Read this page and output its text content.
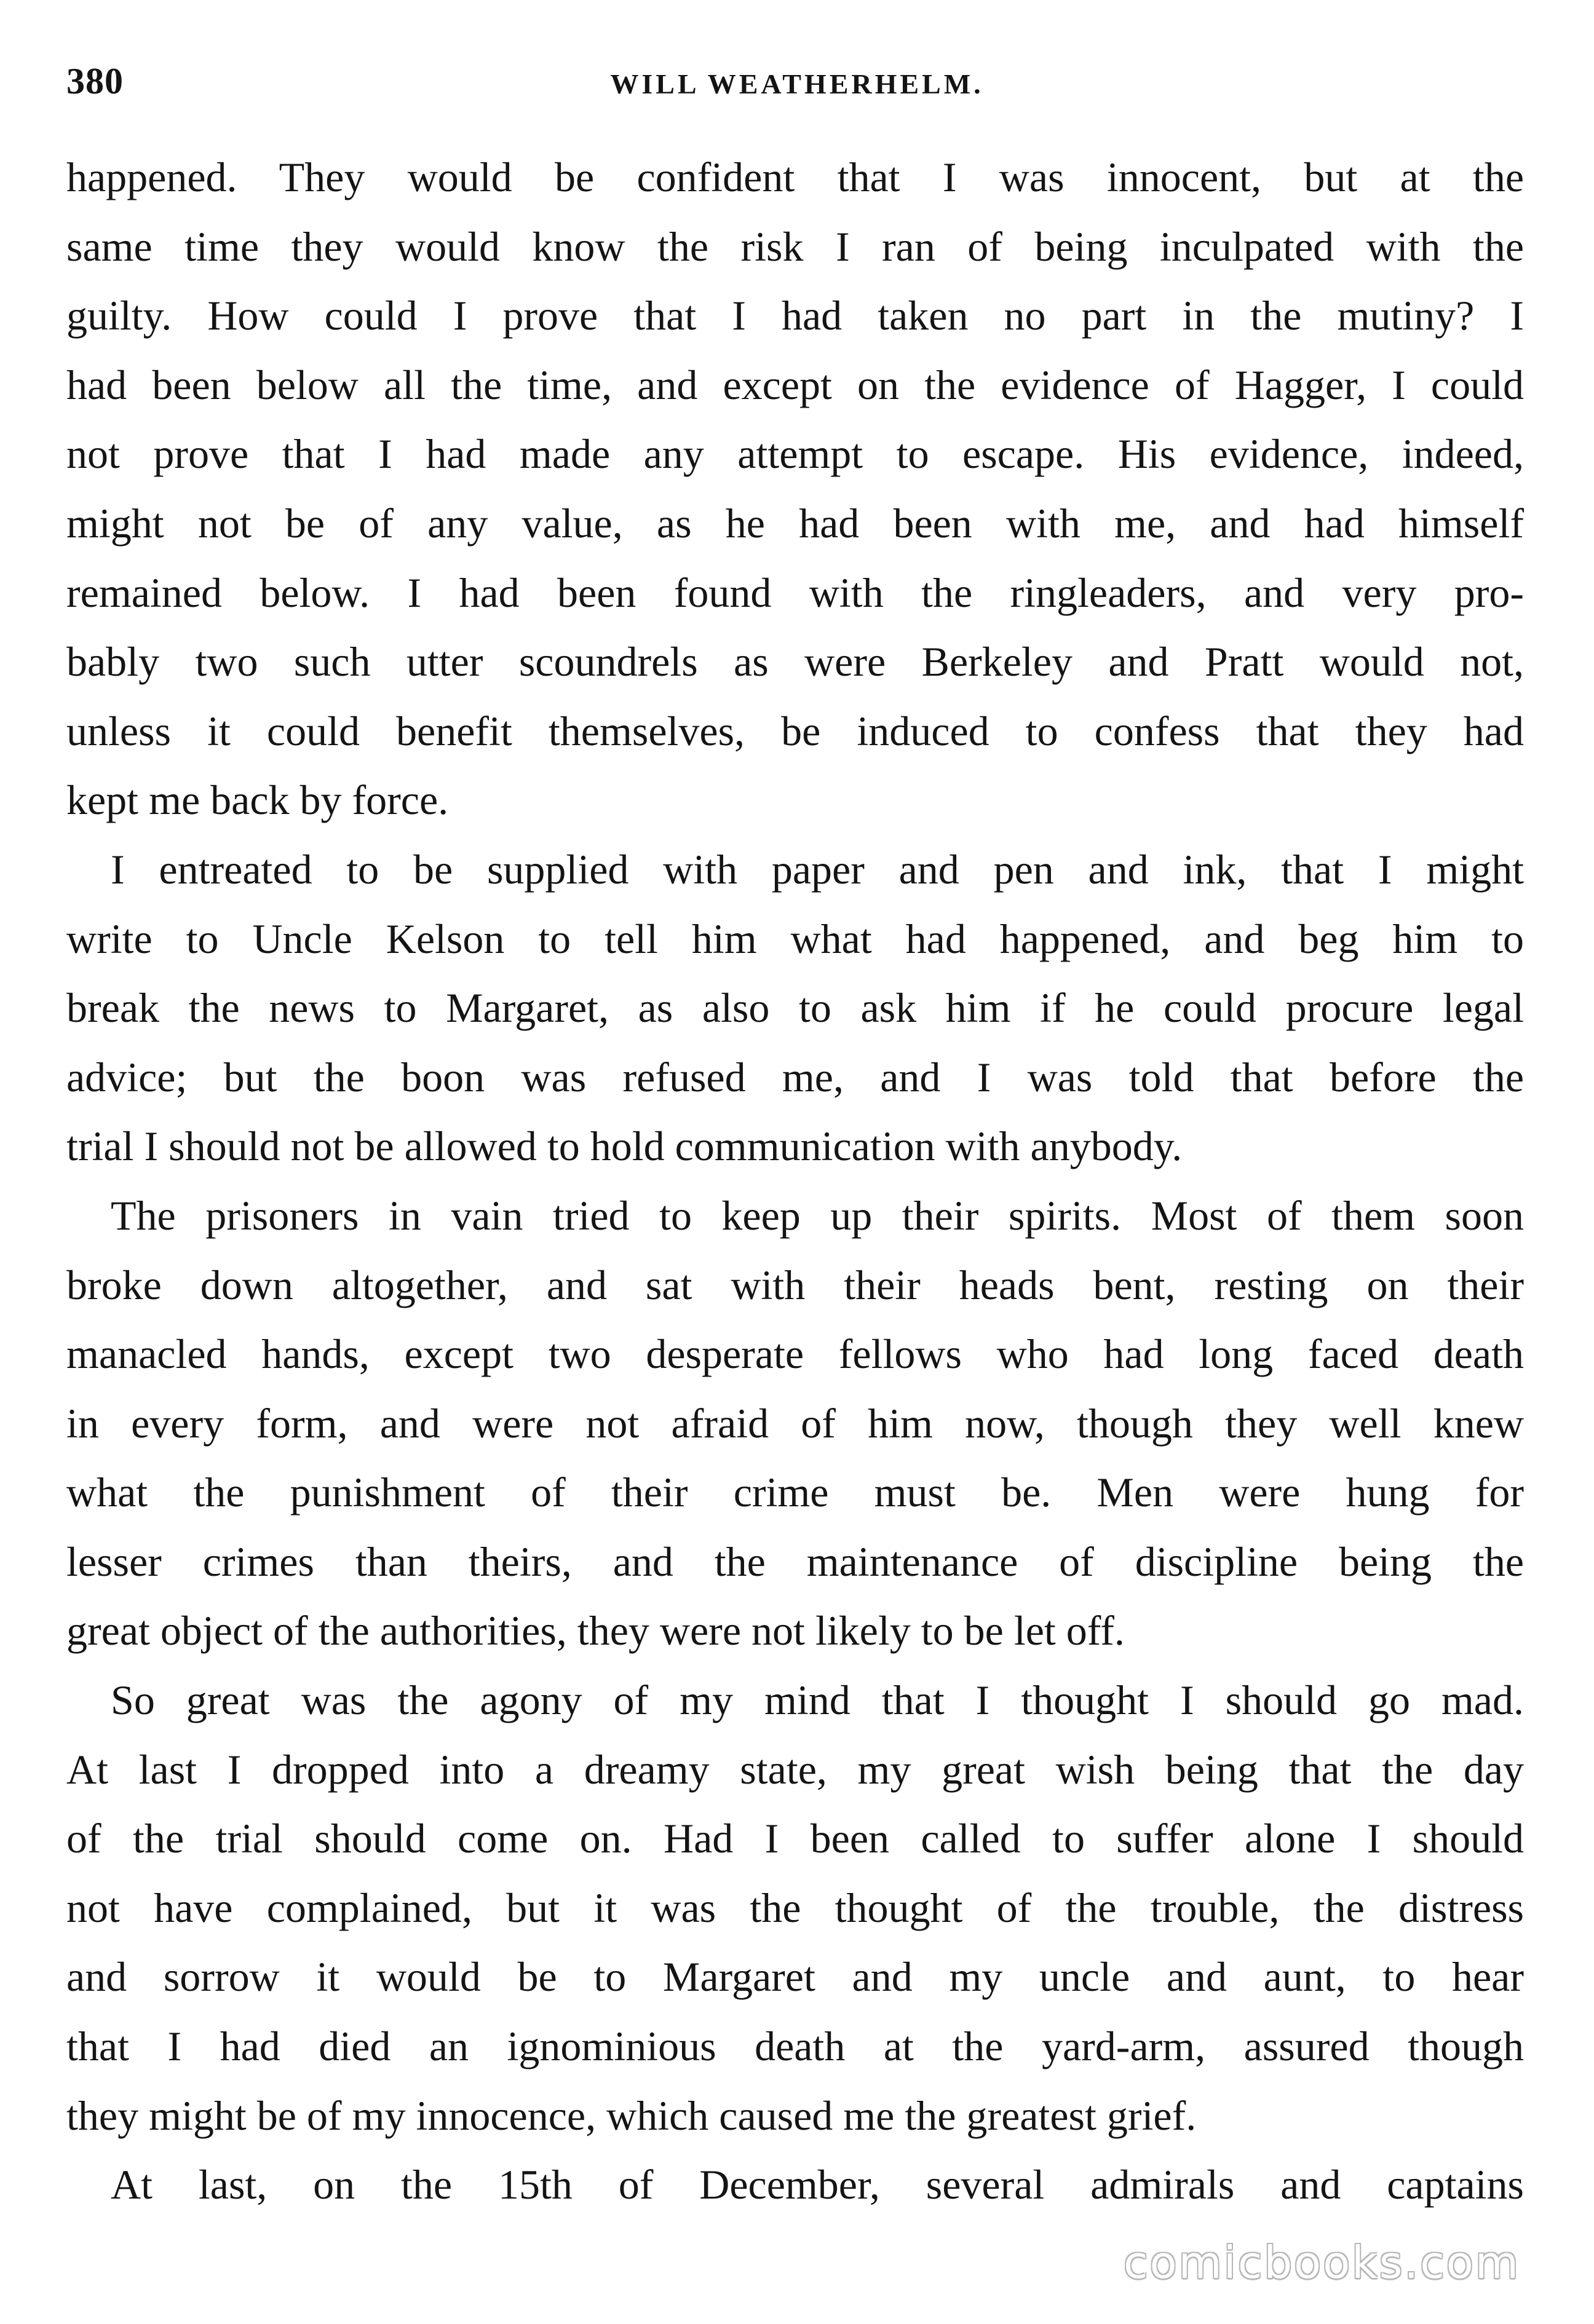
380	WILL WEATHERHELM.
happened. They would be confident that I was innocent, but at the
same time they would know the risk I ran of being inculpated with the
guilty. How could I prove that I had taken no part in the mutiny? I
had been below all the time, and except on the evidence of Hagger, I could
not prove that I had made any attempt to escape. His evidence, indeed,
might not be of any value, as he had been with me, and had himself
remained below. I had been found with the ringleaders, and very pro-
bably two such utter scoundrels as were Berkeley and Pratt would not,
unless it could benefit themselves, be induced to confess that they had
kept me back by force.
I entreated to be supplied with paper and pen and ink, that I might
write to Uncle Kelson to tell him what had happened, and beg him to
break the news to Margaret, as also to ask him if he could procure legal
advice; but the boon was refused me, and I was told that before the
trial I should not be allowed to hold communication with anybody.
The prisoners in vain tried to keep up their spirits. Most of them soon
broke down altogether, and sat with their heads bent, resting on their
manacled hands, except two desperate fellows who had long faced death
in every form, and were not afraid of him now, though they well knew
what the punishment of their crime must be. Men were hung for
lesser crimes than theirs, and the maintenance of discipline being the
great object of the authorities, they were not likely to be let off.
So great was the agony of my mind that I thought I should go mad.
At last I dropped into a dreamy state, my great wish being that the day
of the trial should come on. Had I been called to suffer alone I should
not have complained, but it was the thought of the trouble, the distress
and sorrow it would be to Margaret and my uncle and aunt, to hear
that I had died an ignominious death at the yard-arm, assured though
they might be of my innocence, which caused me the greatest grief.
At last, on the 15th of December, several admirals and captains
comicbooks.com
